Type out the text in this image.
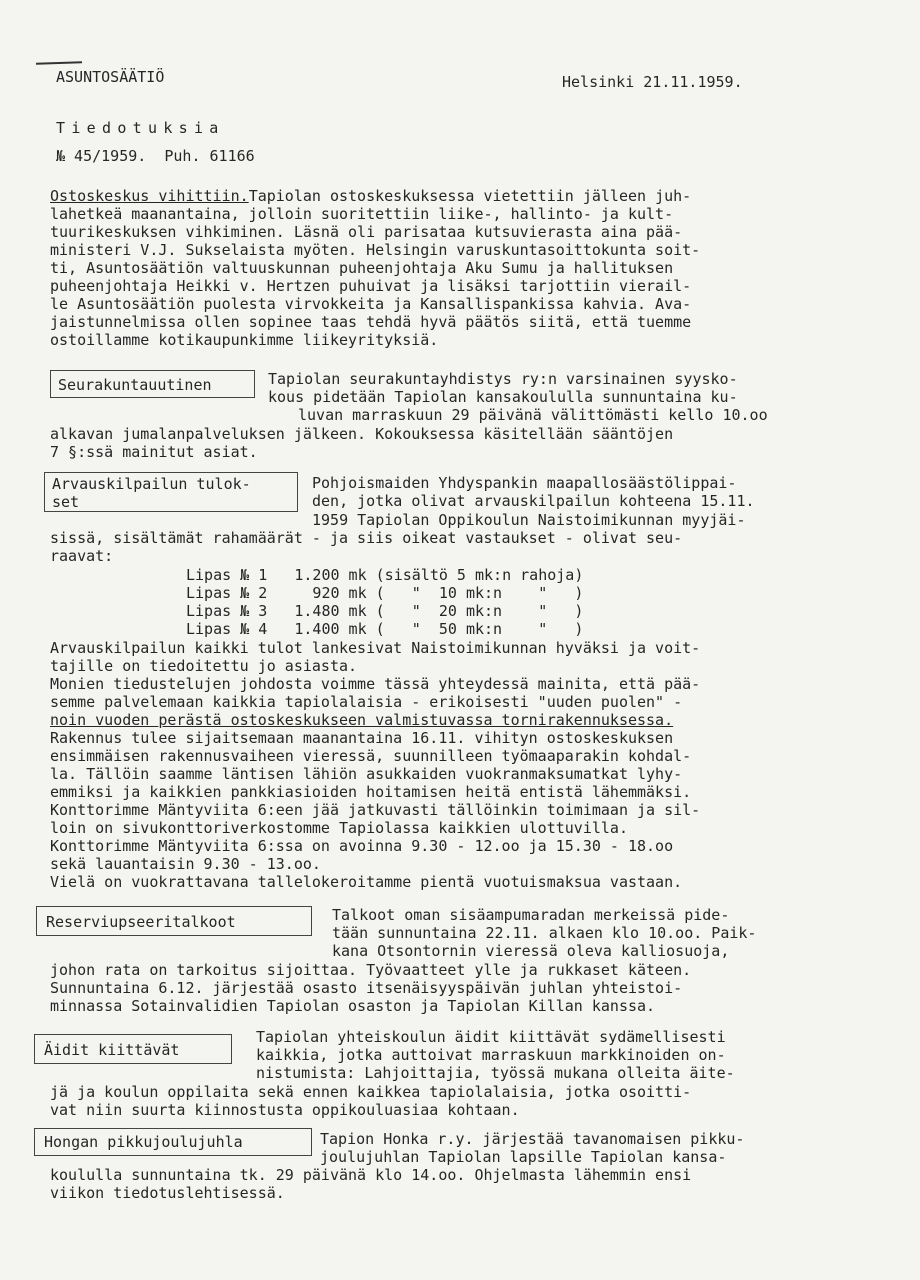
ASUNTOSÄÄTIÖ	Helsinki 21.11.1959.
Tiedotuksia
№ 45/1959.  Puh. 61166
Ostoskeskus vihittiin.Tapiolan ostoskeskuksessa vietettiin jälleen juh-
lahetkeä maanantaina, jolloin suoritettiin liike-, hallinto- ja kult-
tuurikeskuksen vihkiminen. Läsnä oli parisataa kutsuvierasta aina pää-
ministeri V.J. Sukselaista myöten. Helsingin varuskuntasoittokunta soit-
ti, Asuntosäätiön valtuuskunnan puheenjohtaja Aku Sumu ja hallituksen
puheenjohtaja Heikki v. Hertzen puhuivat ja lisäksi tarjottiin vierail-
le Asuntosäätiön puolesta virvokkeita ja Kansallispankissa kahvia. Ava-
jaistunnelmissa ollen sopinee taas tehdä hyvä päätös siitä, että tuemme
ostoillamme kotikaupunkimme liikeyrityksiä.
Seurakuntauutinen	Tapiolan seurakuntayhdistys ry:n varsinainen syysko-
kous pidetään Tapiolan kansakoululla sunnuntaina ku-
luvan marraskuun 29 päivänä välittömästi kello 10.oo
alkavan jumalanpalveluksen jälkeen. Kokouksessa käsitellään sääntöjen
7 §:ssä mainitut asiat.
Arvauskilpailun tulok-
set
Pohjoismaiden Yhdyspankin maapallosäästölippai-
den, jotka olivat arvauskilpailun kohteena 15.11.
1959 Tapiolan Oppikoulun Naistoimikunnan myyjäi-
sissä, sisältämät rahamäärät - ja siis oikeat vastaukset - olivat seu-
raavat:
Lipas № 1   1.200 mk (sisältö 5 mk:n rahoja)
Lipas № 2     920 mk (   "  10 mk:n    "   )
Lipas № 3   1.480 mk (   "  20 mk:n    "   )
Lipas № 4   1.400 mk (   "  50 mk:n    "   )
Arvauskilpailun kaikki tulot lankesivat Naistoimikunnan hyväksi ja voit-
tajille on tiedoitettu jo asiasta.
Monien tiedustelujen johdosta voimme tässä yhteydessä mainita, että pää-
semme palvelemaan kaikkia tapiolalaisia - erikoisesti "uuden puolen" -
noin vuoden perästä ostoskeskukseen valmistuvassa tornirakennuksessa.
Rakennus tulee sijaitsemaan maanantaina 16.11. vihityn ostoskeskuksen
ensimmäisen rakennusvaiheen vieressä, suunnilleen työmaaparakin kohdal-
la. Tällöin saamme läntisen lähiön asukkaiden vuokranmaksumatkat lyhy-
emmiksi ja kaikkien pankkiasioiden hoitamisen heitä entistä lähemmäksi.
Konttorimme Mäntyviita 6:een jää jatkuvasti tällöinkin toimimaan ja sil-
loin on sivukonttoriverkostomme Tapiolassa kaikkien ulottuvilla.
Konttorimme Mäntyviita 6:ssa on avoinna 9.30 - 12.oo ja 15.30 - 18.oo
sekä lauantaisin 9.30 - 13.oo.
Vielä on vuokrattavana tallelokeroitamme pientä vuotuismaksua vastaan.
Reserviupseeritalkoot	Talkoot oman sisäampumaradan merkeissä pide-
tään sunnuntaina 22.11. alkaen klo 10.oo. Paik-
kana Otsontornin vieressä oleva kalliosuoja,
johon rata on tarkoitus sijoittaa. Työvaatteet ylle ja rukkaset käteen.
Sunnuntaina 6.12. järjestää osasto itsenäisyyspäivän juhlan yhteistoi-
minnassa Sotainvalidien Tapiolan osaston ja Tapiolan Killan kanssa.
Äidit kiittävät
Tapiolan yhteiskoulun äidit kiittävät sydämellisesti
kaikkia, jotka auttoivat marraskuun markkinoiden on-
nistumista: Lahjoittajia, työssä mukana olleita äite-
jä ja koulun oppilaita sekä ennen kaikkea tapiolalaisia, jotka osoitti-
vat niin suurta kiinnostusta oppikouluasiaa kohtaan.
Hongan pikkujoulujuhla	Tapion Honka r.y. järjestää tavanomaisen pikku-
joulujuhlan Tapiolan lapsille Tapiolan kansa-
koululla sunnuntaina tk. 29 päivänä klo 14.oo. Ohjelmasta lähemmin ensi
viikon tiedotuslehtisessä.
